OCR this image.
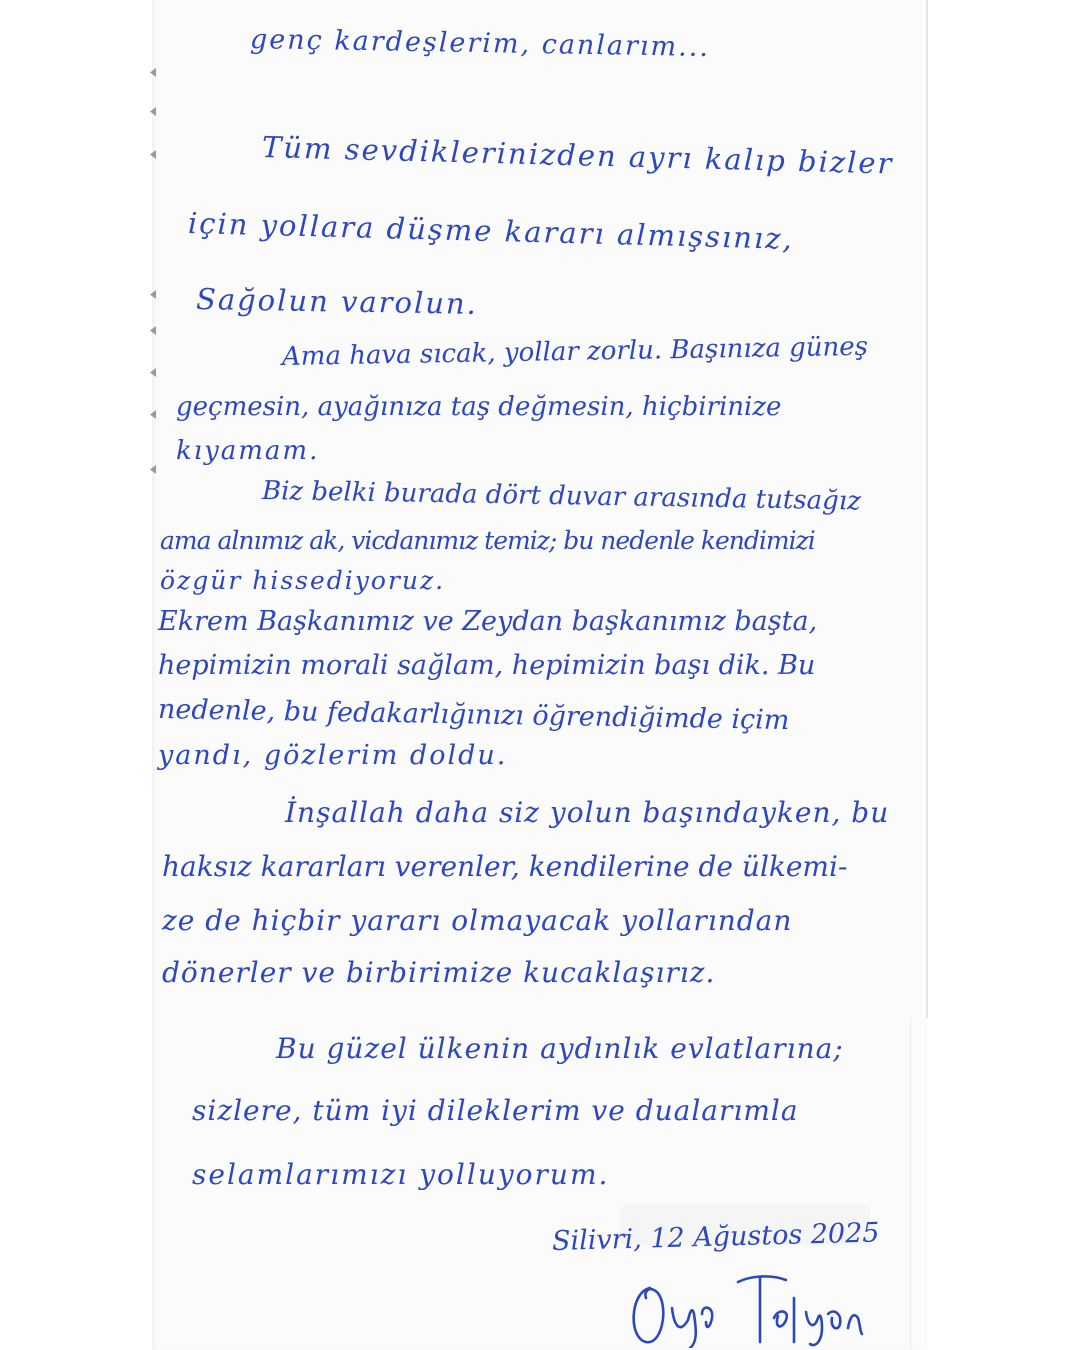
genç kardeşlerim, canlarım...

Tüm sevdiklerinizden ayrı kalıp bizler

için yollara düşme kararı almışsınız,

Sağolun varolun.

Ama hava sıcak, yollar zorlu. Başınıza güneş

geçmesin, ayağınıza taş değmesin, hiçbirinize

kıyamam.

Biz belki burada dört duvar arasında tutsağız

ama alnımız ak, vicdanımız temiz; bu nedenle kendimizi

özgür hissediyoruz.

Ekrem Başkanımız ve Zeydan başkanımız başta,

hepimizin morali sağlam, hepimizin başı dik. Bu

nedenle, bu fedakarlığınızı öğrendiğimde içim

yandı, gözlerim doldu.

İnşallah daha siz yolun başındayken, bu

haksız kararları verenler, kendilerine de ülkemi-

ze de hiçbir yararı olmayacak yollarından

dönerler ve birbirimize kucaklaşırız.

Bu güzel ülkenin aydınlık evlatlarına;

sizlere, tüm iyi dileklerim ve dualarımla

selamlarımızı yolluyorum.

Silivri, 12 Ağustos 2025
